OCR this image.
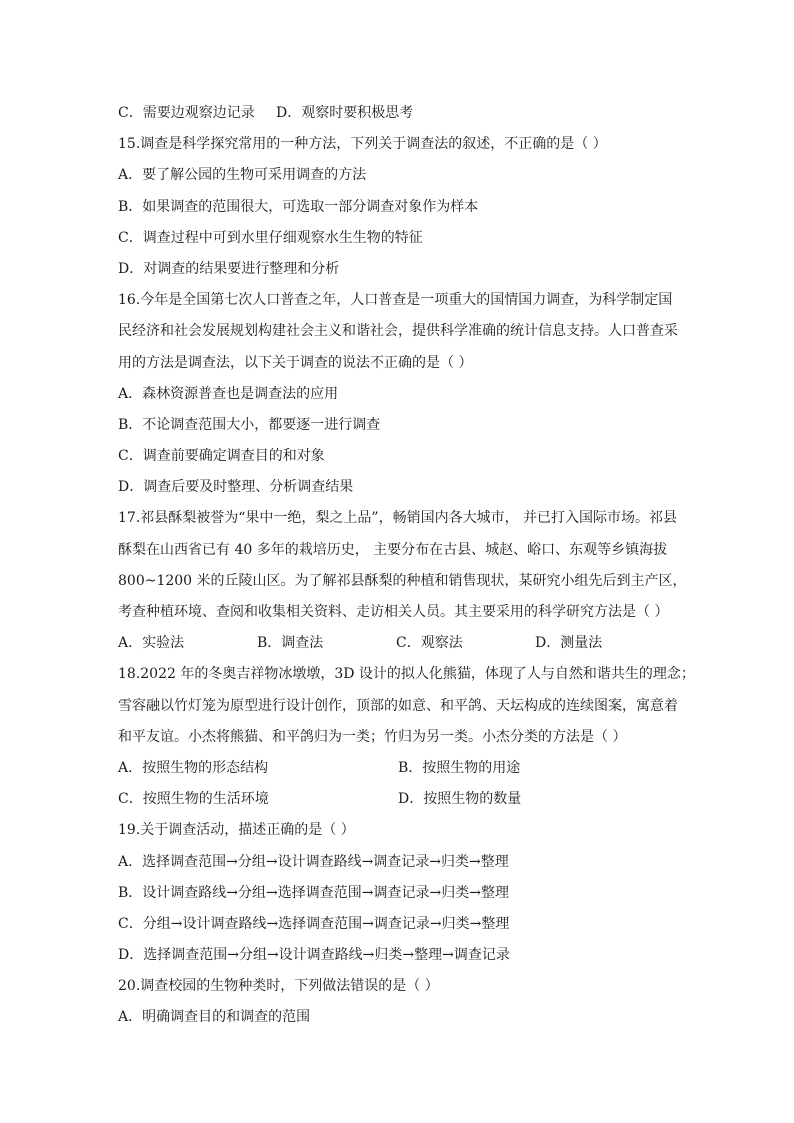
C．需要边观察边记录	D．观察时要积极思考
15.调查是科学探究常用的一种方法，下列关于调查法的叙述，不正确的是（ ）
A．要了解公园的生物可采用调查的方法
B．如果调查的范围很大，可选取一部分调查对象作为样本
C．调查过程中可到水里仔细观察水生生物的特征
D．对调查的结果要进行整理和分析
16.今年是全国第七次人口普查之年，人口普查是一项重大的国情国力调查，为科学制定国
民经济和社会发展规划构建社会主义和谐社会，提供科学准确的统计信息支持。人口普查采
用的方法是调查法，以下关于调查的说法不正确的是（ ）
A．森林资源普查也是调查法的应用
B．不论调查范围大小，都要逐一进行调查
C．调查前要确定调查目的和对象
D．调查后要及时整理、分析调查结果
17.祁县酥梨被誉为“果中一绝，梨之上品”，畅销国内各大城市， 并已打入国际市场。祁县
酥梨在山西省已有 40 多年的栽培历史， 主要分布在古县、城赵、峪口、东观等乡镇海拔
800~1200 米的丘陵山区。为了解祁县酥梨的种植和销售现状，某研究小组先后到主产区，
考查种植环境、查阅和收集相关资料、走访相关人员。其主要采用的科学研究方法是（ ）
A．实验法	B．调查法	C．观察法	D．测量法
18.2022 年的冬奥吉祥物冰墩墩，3D 设计的拟人化熊猫，体现了人与自然和谐共生的理念；
雪容融以竹灯笼为原型进行设计创作，顶部的如意、和平鸽、天坛构成的连续图案，寓意着
和平友谊。小杰将熊猫、和平鸽归为一类；竹归为另一类。小杰分类的方法是（ ）
A．按照生物的形态结构	B．按照生物的用途
C．按照生物的生活环境	D．按照生物的数量
19.关于调查活动，描述正确的是（ ）
A．选择调查范围→分组→设计调查路线→调查记录→归类→整理
B．设计调查路线→分组→选择调查范围→调查记录→归类→整理
C．分组→设计调查路线→选择调查范围→调查记录→归类→整理
D．选择调查范围→分组→设计调查路线→归类→整理→调查记录
20.调查校园的生物种类时，下列做法错误的是（ ）
A．明确调查目的和调查的范围
